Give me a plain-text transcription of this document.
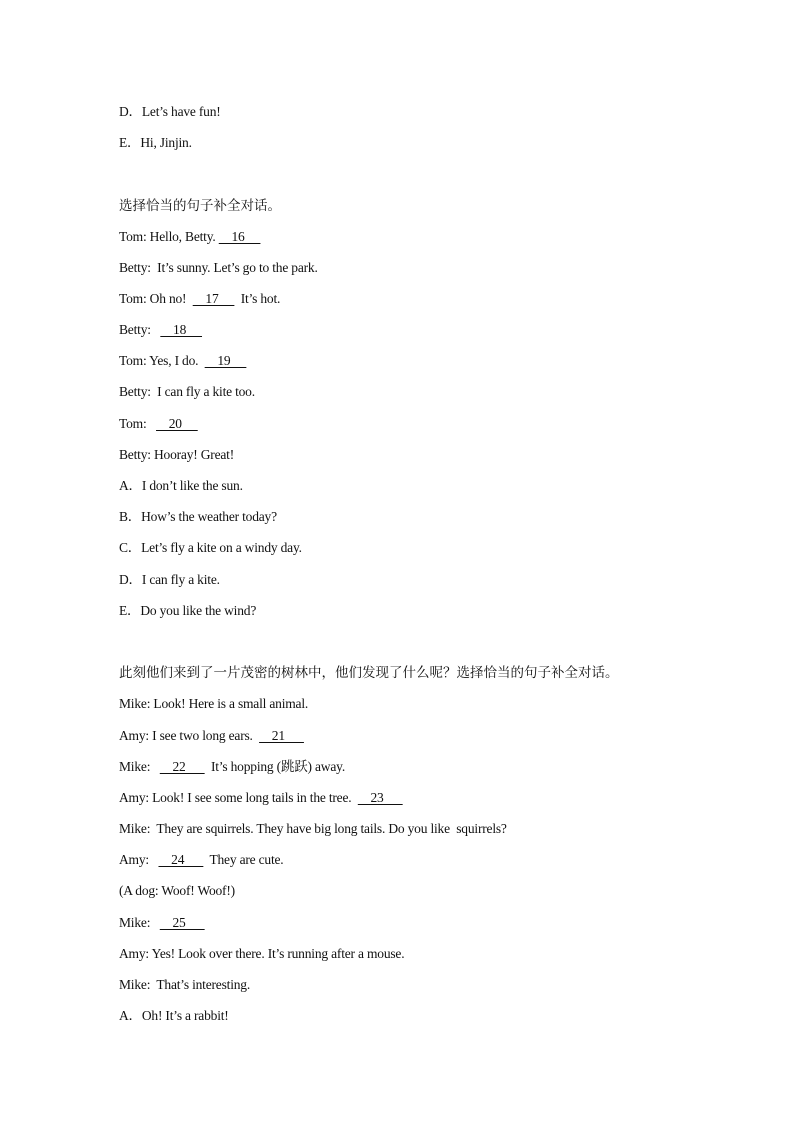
D．Let’s have fun!
E．Hi, Jinjin.
选择恰当的句子补全对话。
Tom: Hello, Betty.     16
Betty:  It’s sunny. Let’s go to the park.
Tom: Oh no!      17       It’s hot.
Betty:       18
Tom: Yes, I do.      19
Betty:  I can fly a kite too.
Tom:       20
Betty: Hooray! Great!
A．I don’t like the sun.
B．How’s the weather today?
C．Let’s fly a kite on a windy day.
D．I can fly a kite.
E．Do you like the wind?
此刻他们来到了一片茂密的树林中，他们发现了什么呢？选择恰当的句子补全对话。
Mike: Look! Here is a small animal.
Amy: I see two long ears.      21
Mike:       22        It’s hopping (跳跃) away.
Amy: Look! I see some long tails in the tree.      23
Mike:  They are squirrels. They have big long tails. Do you like  squirrels?
Amy:       24        They are cute.
(A dog: Woof! Woof!)
Mike:       25
Amy: Yes! Look over there. It’s running after a mouse.
Mike:  That’s interesting.
A．Oh! It’s a rabbit!
